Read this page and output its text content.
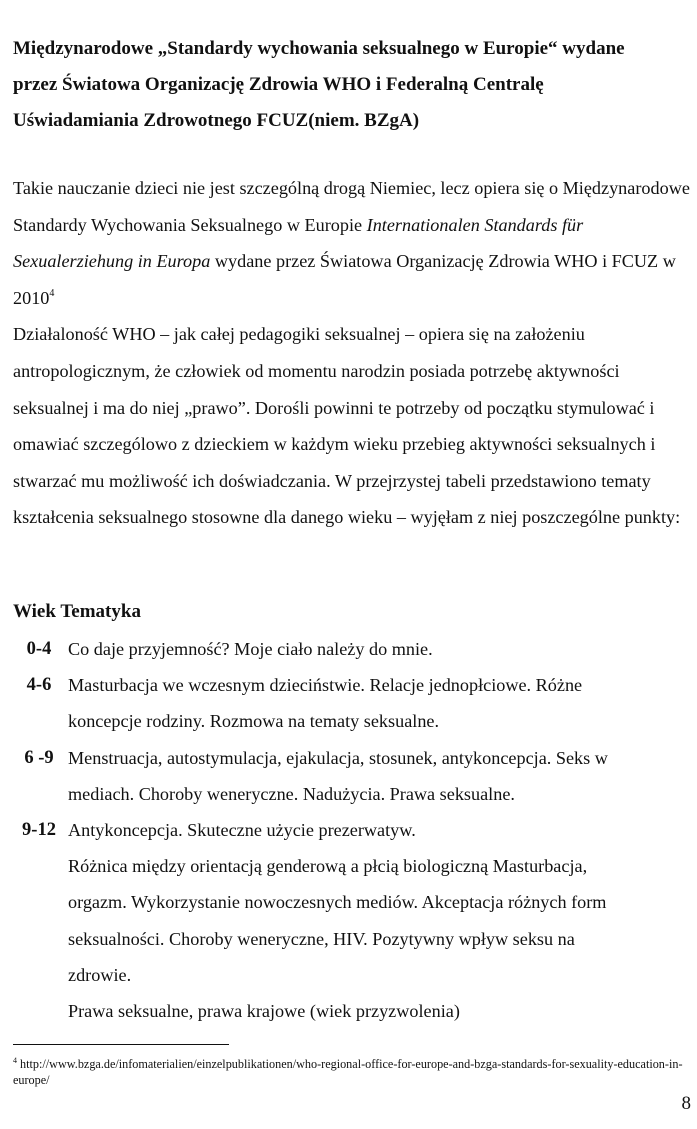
Międzynarodowe „Standardy wychowania seksualnego w Europie“ wydane
przez Światowa Organizację Zdrowia WHO i Federalną Centralę
Uświadamiania Zdrowotnego FCUZ(niem. BZgA)

Takie nauczanie dzieci nie jest szczególną drogą Niemiec, lecz opiera się o Międzynarodowe Standardy Wychowania Seksualnego w Europie Internationalen Standards für Sexualerziehung in Europa wydane przez Światowa Organizację Zdrowia WHO i FCUZ w 2010$^4$

Działaloność WHO – jak całej pedagogiki seksualnej – opiera się na założeniu antropologicznym, że człowiek od momentu narodzin posiada potrzebę aktywności seksualnej i ma do niej „prawo”. Dorośli powinni te potrzeby od początku stymulować i omawiać szczególowo z dzieckiem w każdym wieku przebieg aktywności seksualnych i stwarzać mu możliwość ich doświadczania. W przejrzystej tabeli przedstawiono tematy kształcenia seksualnego stosowne dla danego wieku – wyjęłam z niej poszczególne punkty:

Wiek Tematyka
0-4 Co daje przyjemność? Moje ciało należy do mnie.
4-6 Masturbacja we wczesnym dzieciństwie. Relacje jednopłciowe. Różne
koncepcje rodziny. Rozmowa na tematy seksualne.
6 -9 Menstruacja, autostymulacja, ejakulacja, stosunek, antykoncepcja. Seks w
mediach. Choroby weneryczne. Nadużycia. Prawa seksualne.
9-12 Antykoncepcja. Skuteczne użycie prezerwatyw.
Różnica między orientacją genderową a płcią biologiczną Masturbacja,
orgazm. Wykorzystanie nowoczesnych mediów. Akceptacja różnych form
seksualności. Choroby weneryczne, HIV. Pozytywny wpływ seksu na
zdrowie.
Prawa seksualne, prawa krajowe (wiek przyzwolenia)
$^4$ http://www.bzga.de/infomaterialien/einzelpublikationen/who-regional-office-for-europe-and-bzga-standards-for-sexuality-education-in-europe/
8
